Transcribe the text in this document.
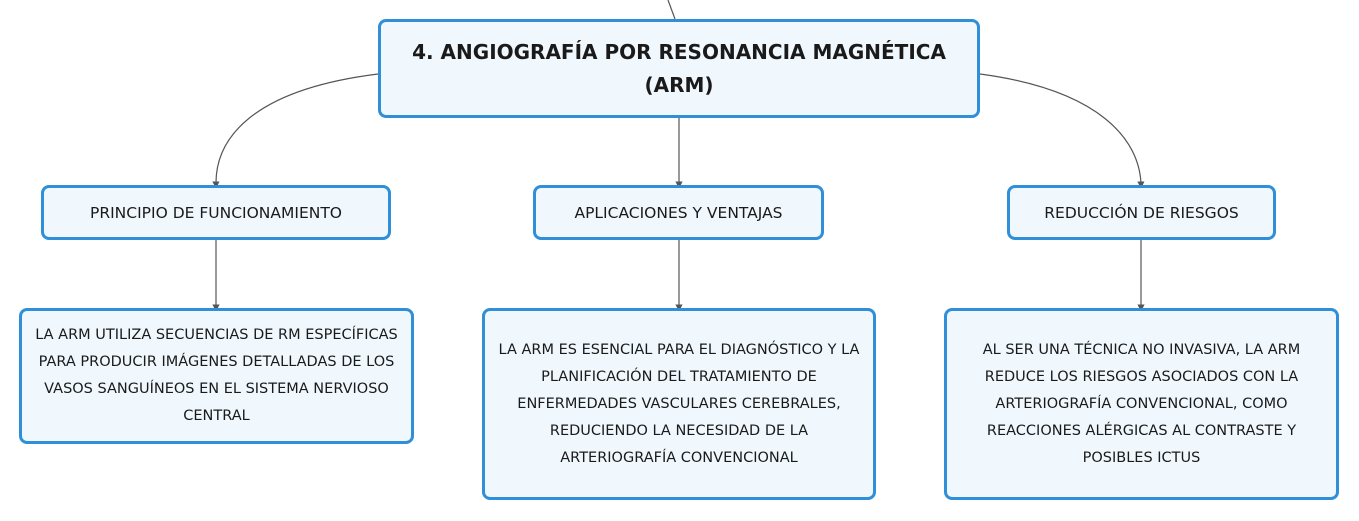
4. ANGIOGRAFÍA POR RESONANCIA MAGNÉTICA
(ARM)
PRINCIPIO DE FUNCIONAMIENTO	APLICACIONES Y VENTAJAS	REDUCCIÓN DE RIESGOS
LA ARM UTILIZA SECUENCIAS DE RM ESPECÍFICAS PARA PRODUCIR IMÁGENES DETALLADAS DE LOS VASOS SANGUÍNEOS EN EL SISTEMA NERVIOSO CENTRAL
LA ARM ES ESENCIAL PARA EL DIAGNÓSTICO Y LA PLANIFICACIÓN DEL TRATAMIENTO DE ENFERMEDADES VASCULARES CEREBRALES, REDUCIENDO LA NECESIDAD DE LA ARTERIOGRAFÍA CONVENCIONAL
AL SER UNA TÉCNICA NO INVASIVA, LA ARM REDUCE LOS RIESGOS ASOCIADOS CON LA ARTERIOGRAFÍA CONVENCIONAL, COMO REACCIONES ALÉRGICAS AL CONTRASTE Y POSIBLES ICTUS
